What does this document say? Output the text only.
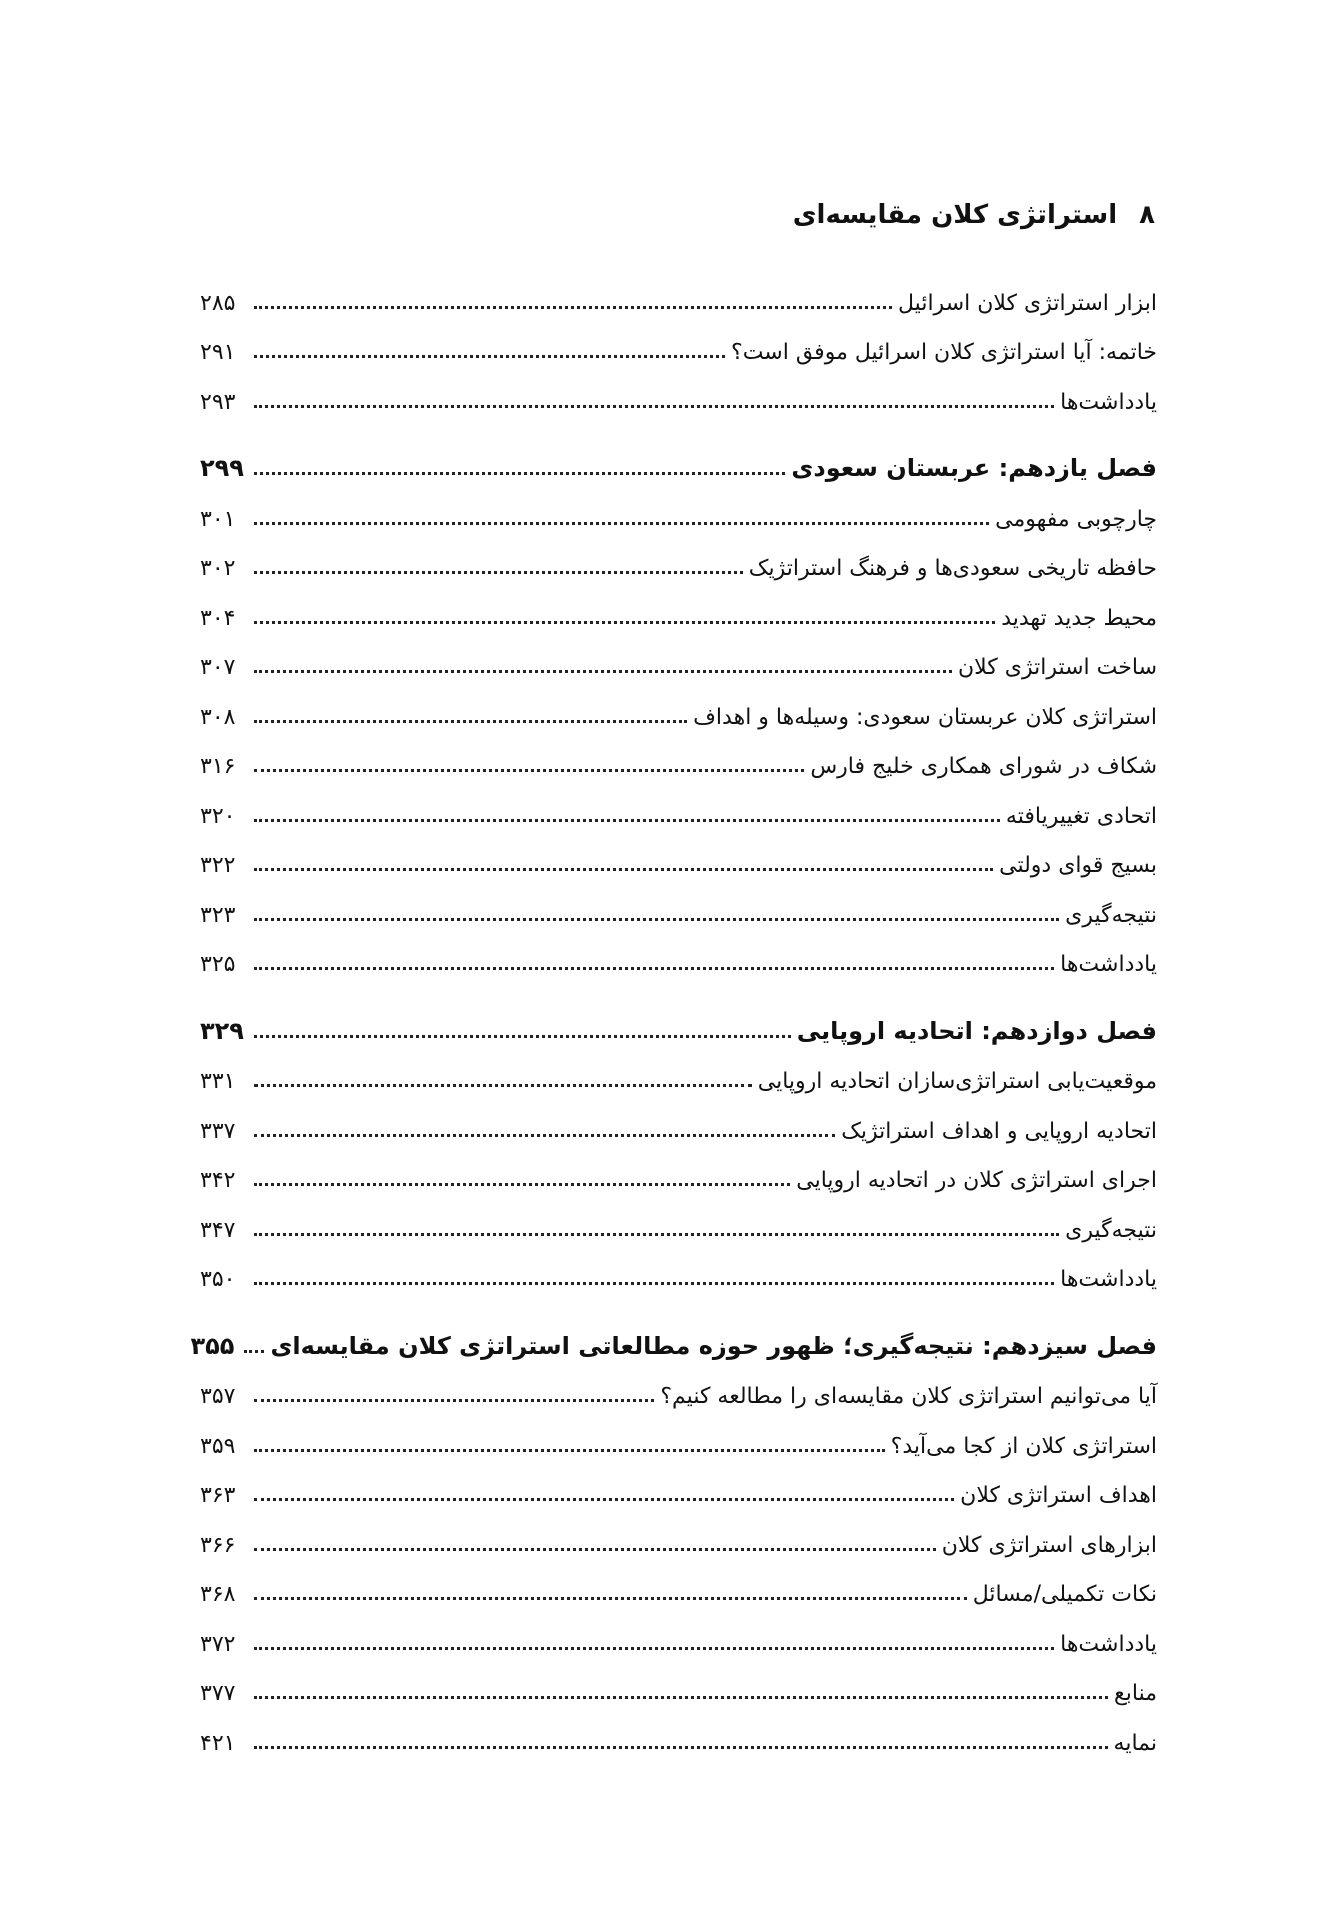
۸
استراتژی کلان مقایسه‌ای
ابزار استراتژی کلان اسرائیل
۲۸۵
خاتمه: آیا استراتژی کلان اسرائیل موفق است؟
۲۹۱
یادداشت‌ها
۲۹۳
فصل یازدهم: عربستان سعودی
۲۹۹
چارچوبی مفهومی
۳۰۱
حافظه تاریخی سعودی‌ها و فرهنگ استراتژیک
۳۰۲
محیط جدید تهدید
۳۰۴
ساخت استراتژی کلان
۳۰۷
استراتژی کلان عربستان سعودی: وسیله‌ها و اهداف
۳۰۸
شکاف در شورای همکاری خلیج فارس
۳۱۶
اتحادی تغییریافته
۳۲۰
بسیج قوای دولتی
۳۲۲
نتیجه‌گیری
۳۲۳
یادداشت‌ها
۳۲۵
فصل دوازدهم: اتحادیه اروپایی
۳۲۹
موقعیت‌یابی استراتژی‌سازان اتحادیه اروپایی
۳۳۱
اتحادیه اروپایی و اهداف استراتژیک
۳۳۷
اجرای استراتژی کلان در اتحادیه اروپایی
۳۴۲
نتیجه‌گیری
۳۴۷
یادداشت‌ها
۳۵۰
فصل سیزدهم: نتیجه‌گیری؛ ظهور حوزه مطالعاتی استراتژی کلان مقایسه‌ای
۳۵۵
آیا می‌توانیم استراتژی کلان مقایسه‌ای را مطالعه کنیم؟
۳۵۷
استراتژی کلان از کجا می‌آید؟
۳۵۹
اهداف استراتژی کلان
۳۶۳
ابزارهای استراتژی کلان
۳۶۶
نکات تکمیلی/مسائل
۳۶۸
یادداشت‌ها
۳۷۲
منابع
۳۷۷
نمایه
۴۲۱
